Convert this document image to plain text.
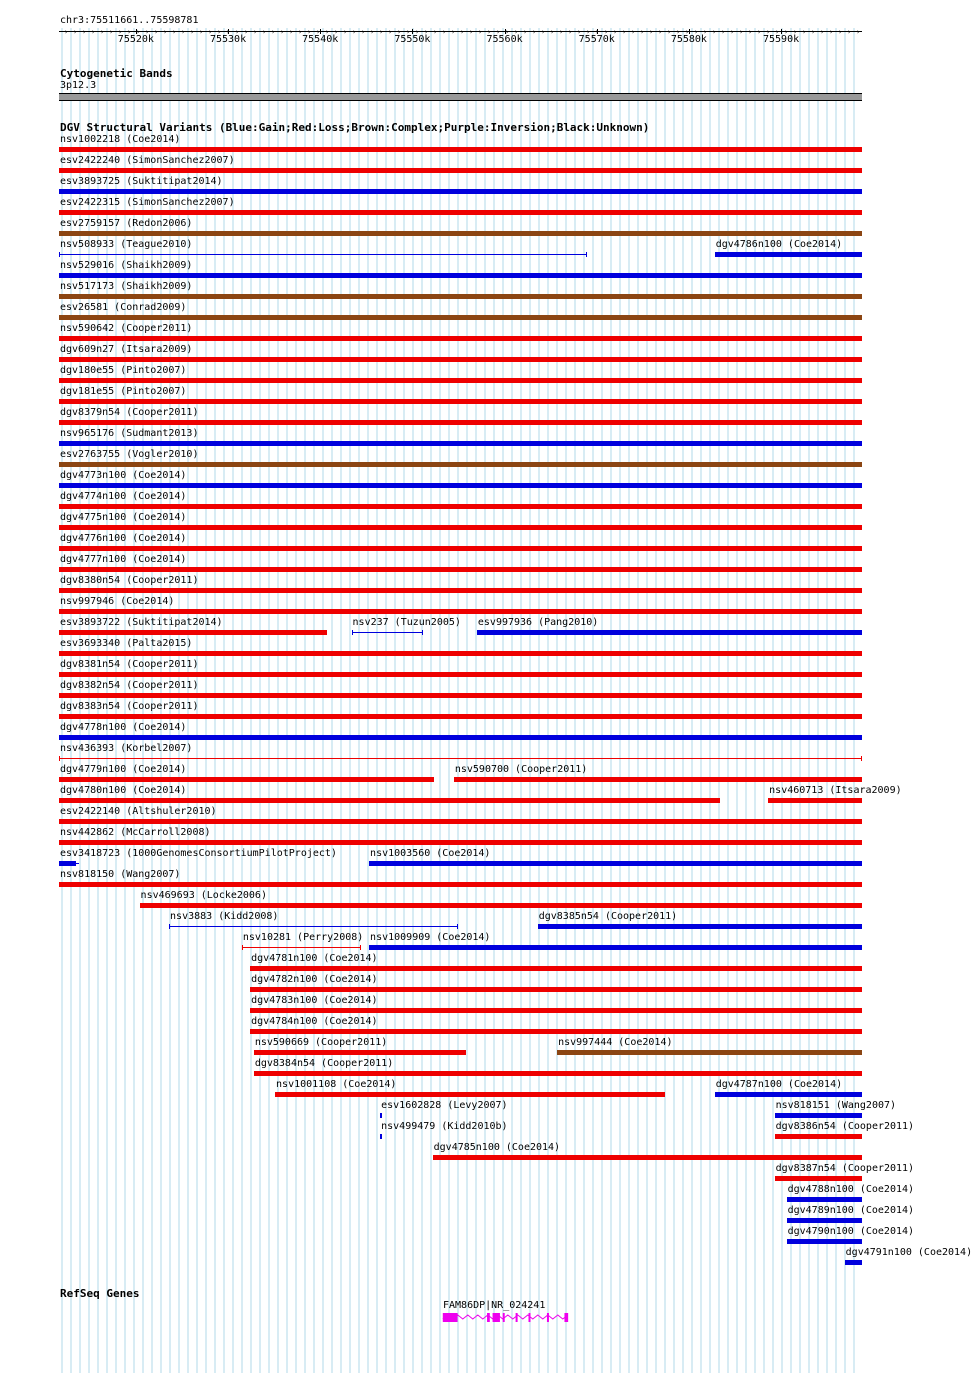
chr3:75511661..75598781
75520k	75530k	75540k	75550k	75560k	75570k	75580k	75590k
› › › › › › › › › › › › › › › › › › › › › › › › › › › › › › › › › › › › › › › › › › › › › › › › › › › › › › › › › › › › › › › › › › › › › › › › › › › › › › › › › › › › › › › › ›
Cytogenetic Bands
3p12.3
DGV Structural Variants (Blue:Gain;Red:Loss;Brown:Complex;Purple:Inversion;Black:Unknown)
nsv1002218 (Coe2014)
esv2422240 (SimonSanchez2007)
esv3893725 (Suktitipat2014)
esv2422315 (SimonSanchez2007)
esv2759157 (Redon2006)
nsv508933 (Teague2010)	dgv4786n100 (Coe2014)
nsv529016 (Shaikh2009)
nsv517173 (Shaikh2009)
esv26581 (Conrad2009)
nsv590642 (Cooper2011)
dgv609n27 (Itsara2009)
dgv180e55 (Pinto2007)
dgv181e55 (Pinto2007)
dgv8379n54 (Cooper2011)
nsv965176 (Sudmant2013)
esv2763755 (Vogler2010)
dgv4773n100 (Coe2014)
dgv4774n100 (Coe2014)
dgv4775n100 (Coe2014)
dgv4776n100 (Coe2014)
dgv4777n100 (Coe2014)
dgv8380n54 (Cooper2011)
nsv997946 (Coe2014)
esv3893722 (Suktitipat2014)	nsv237 (Tuzun2005) esv997936 (Pang2010)
esv3693340 (Palta2015)
dgv8381n54 (Cooper2011)
dgv8382n54 (Cooper2011)
dgv8383n54 (Cooper2011)
dgv4778n100 (Coe2014)
nsv436393 (Korbel2007)
dgv4779n100 (Coe2014)	nsv590700 (Cooper2011)
dgv4780n100 (Coe2014)	nsv460713 (Itsara2009)
esv2422140 (Altshuler2010)
nsv442862 (McCarroll2008)
esv3418723 (1000GenomesConsortiumPilotProject)	nsv1003560 (Coe2014)
nsv818150 (Wang2007)
nsv469693 (Locke2006)
nsv3883 (Kidd2008)	dgv8385n54 (Cooper2011)
nsv10281 (Perry2008) nsv1009909 (Coe2014)
dgv4781n100 (Coe2014)
dgv4782n100 (Coe2014)
dgv4783n100 (Coe2014)
dgv4784n100 (Coe2014)
nsv590669 (Cooper2011)	nsv997444 (Coe2014)
dgv8384n54 (Cooper2011)
nsv1001108 (Coe2014)	dgv4787n100 (Coe2014)
esv1602828 (Levy2007)	nsv818151 (Wang2007)
nsv499479 (Kidd2010b)	dgv8386n54 (Cooper2011)
dgv4785n100 (Coe2014)
dgv8387n54 (Cooper2011)
dgv4788n100 (Coe2014)
dgv4789n100 (Coe2014)
dgv4790n100 (Coe2014)
dgv4791n100 (Coe2014)
RefSeq Genes
FAM86DP|NR_024241
